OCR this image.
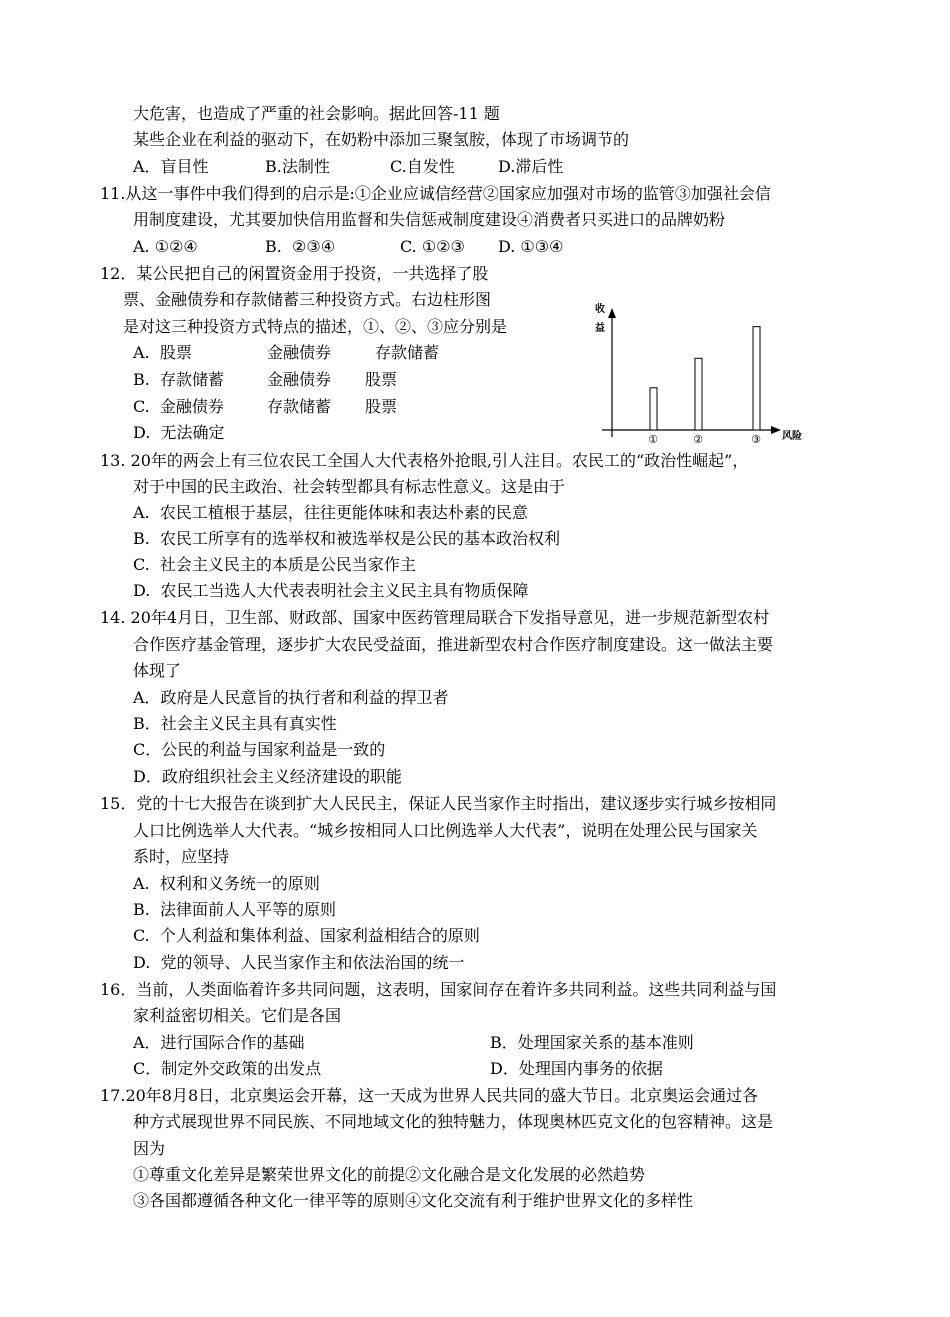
大危害，也造成了严重的社会影响。据此回答-11 题
某些企业在利益的驱动下，在奶粉中添加三聚氢胺，体现了市场调节的
A．盲目性	B.法制性	C.自发性	D.滞后性
11.从这一事件中我们得到的启示是:①企业应诚信经营②国家应加强对市场的监管③加强社会信
用制度建设，尤其要加快信用监督和失信惩戒制度建设④消费者只买进口的品牌奶粉
A. ①②④	B.  ②③④	C. ①②③ D. ①③④
12．某公民把自己的闲置资金用于投资，一共选择了股
票、金融债券和存款储蓄三种投资方式。右边柱形图
是对这三种投资方式特点的描述，①、②、③应分别是
A.  股票	金融债券	存款储蓄
B.  存款储蓄	金融债券 股票
C.  金融债券	存款储蓄 股票
D.  无法确定
收
益
风险
①	②	③
13. 20年的两会上有三位农民工全国人大代表格外抢眼,引人注目。农民工的“政治性崛起”，
对于中国的民主政治、社会转型都具有标志性意义。这是由于
A.  农民工植根于基层，往往更能体味和表达朴素的民意
B.  农民工所享有的选举权和被选举权是公民的基本政治权利
C.  社会主义民主的本质是公民当家作主
D.  农民工当选人大代表表明社会主义民主具有物质保障
14. 20年4月日，卫生部、财政部、国家中医药管理局联合下发指导意见，进一步规范新型农村
合作医疗基金管理，逐步扩大农民受益面，推进新型农村合作医疗制度建设。这一做法主要
体现了
A．政府是人民意旨的执行者和利益的捍卫者
B．社会主义民主具有真实性
C．公民的利益与国家利益是一致的
D．政府组织社会主义经济建设的职能
15．党的十七大报告在谈到扩大人民民主，保证人民当家作主时指出，建议逐步实行城乡按相同
人口比例选举人大代表。“城乡按相同人口比例选举人大代表”，说明在处理公民与国家关
系时，应坚持
A.  权利和义务统一的原则
B.  法律面前人人平等的原则
C.  个人利益和集体利益、国家利益相结合的原则
D.  党的领导、人民当家作主和依法治国的统一
16．当前，人类面临着许多共同问题，这表明，国家间存在着许多共同利益。这些共同利益与国
家利益密切相关。它们是各国
A．进行国际合作的基础	B．处理国家关系的基本准则
C．制定外交政策的出发点	D．处理国内事务的依据
17.20年8月8日，北京奥运会开幕，这一天成为世界人民共同的盛大节日。北京奥运会通过各
种方式展现世界不同民族、不同地域文化的独特魅力，体现奥林匹克文化的包容精神。这是
因为
①尊重文化差异是繁荣世界文化的前提②文化融合是文化发展的必然趋势
③各国都遵循各种文化一律平等的原则④文化交流有利于维护世界文化的多样性
